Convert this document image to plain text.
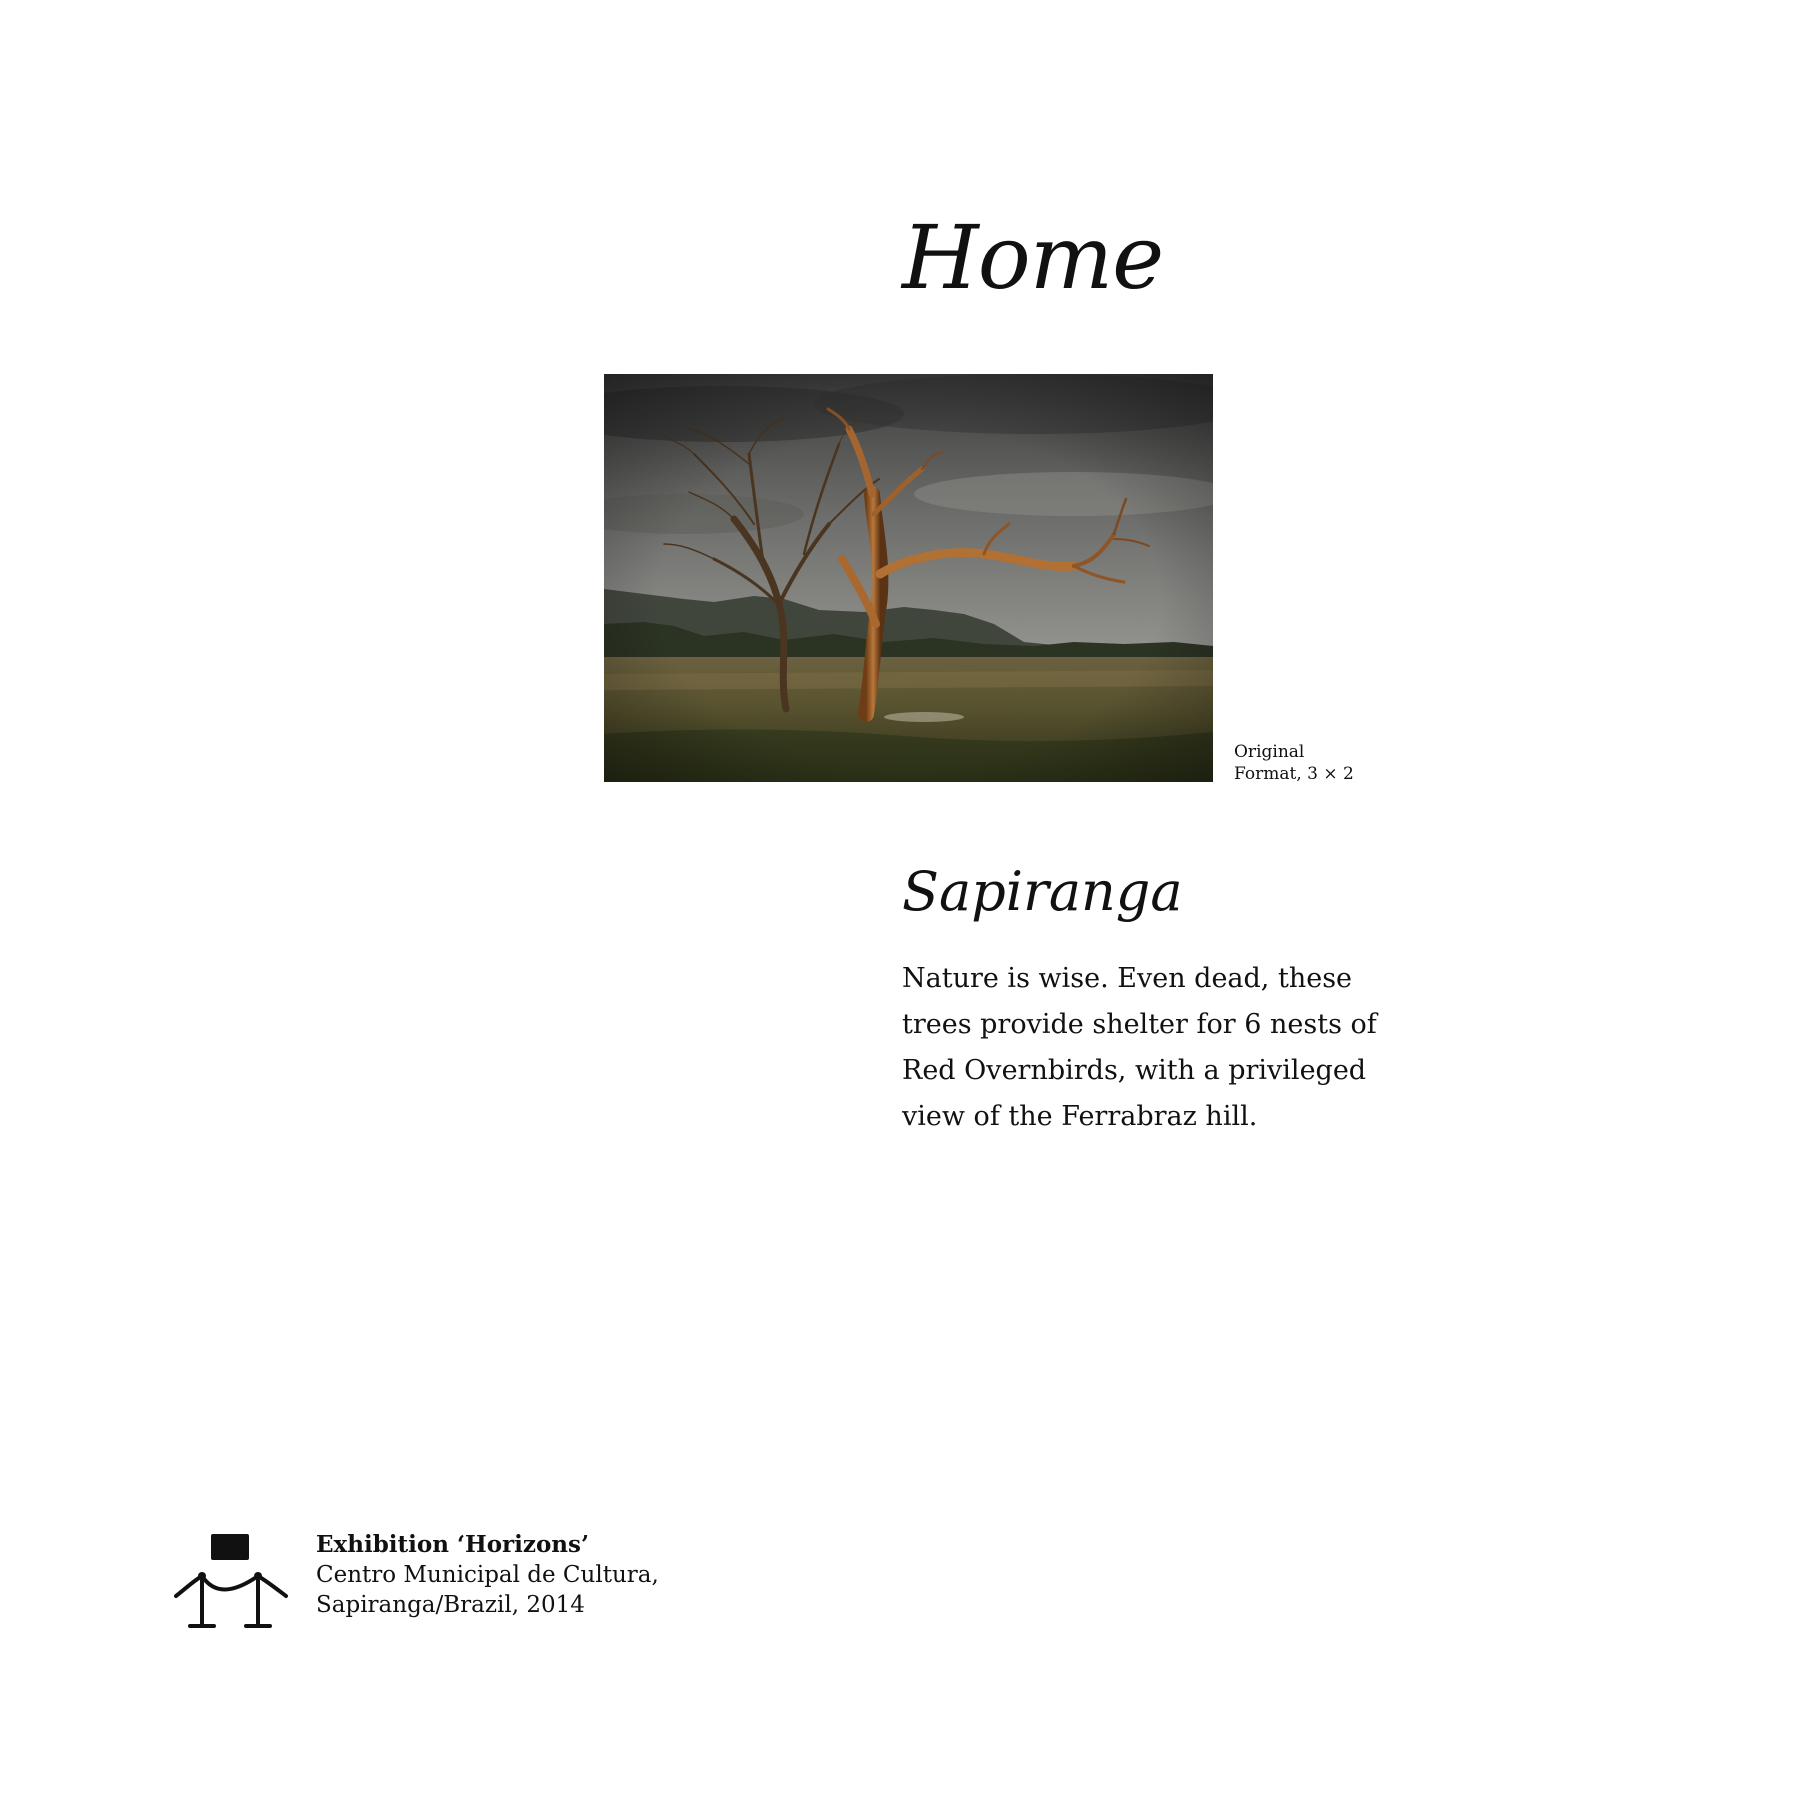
Home
Original
Format, 3 × 2
Sapiranga

Nature is wise. Even dead, these trees provide shelter for 6 nests of Red Overnbirds, with a privileged view of the Ferrabraz hill.

Exhibition ‘Horizons’
Centro Municipal de Cultura,
Sapiranga/Brazil, 2014
